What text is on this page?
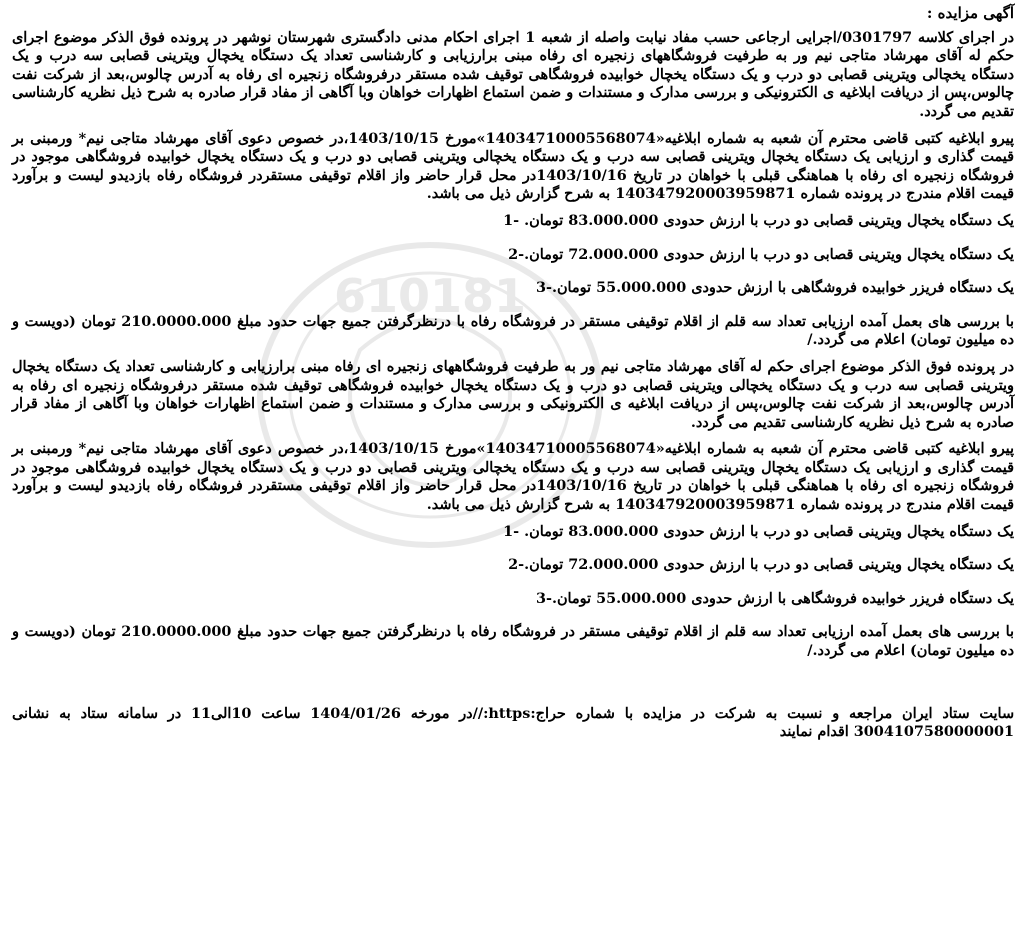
610181

آگهی مزایده :

در اجرای کلاسه 0301797/اجرایی ارجاعی حسب مفاد نیابت واصله از شعبه 1 اجرای احکام مدنی دادگستری شهرستان نوشهر در پرونده فوق الذکر موضوع اجرای حکم له آقای مهرشاد متاجی نیم ور به طرفیت فروشگاههای زنجیره ای رفاه مبنی برارزیابی و کارشناسی تعداد یک دستگاه یخچال ویترینی قصابی سه درب و یک دستگاه یخچالی ویترینی قصابی دو درب و یک دستگاه یخچال خوابیده فروشگاهی توقیف شده مستقر درفروشگاه زنجیره ای رفاه به آدرس چالوس،بعد از شرکت نفت چالوس،پس از دریافت ابلاغیه ی الکترونیکی و بررسی مدارک و مستندات و ضمن استماع اظهارات خواهان وبا آگاهی از مفاد قرار صادره به شرح ذیل نظریه کارشناسی تقدیم می گردد.

پیرو ابلاغیه کتبی قاضی محترم آن شعبه به شماره ابلاغیه«14034710005568074»مورخ 1403/10/15،در خصوص دعوی آقای مهرشاد متاجی نیم* ورمبنی بر قیمت گذاری و ارزیابی یک دستگاه یخچال ویترینی قصابی سه درب و یک دستگاه یخچالی ویترینی قصابی دو درب و یک دستگاه یخچال خوابیده فروشگاهی موجود در فروشگاه زنجیره ای رفاه با هماهنگی قبلی با خواهان در تاریخ 1403/10/16در محل قرار حاضر واز اقلام توقیفی مستقردر فروشگاه رفاه بازدیدو لیست و برآورد قیمت اقلام مندرج در پرونده شماره 140347920003959871 به شرح گزارش ذیل می باشد.

یک دستگاه یخچال ویترینی قصابی دو درب با ارزش حدودی 83.000.000 تومان. -1

یک دستگاه یخچال ویترینی قصابی دو درب با ارزش حدودی 72.000.000 تومان.-2

یک دستگاه فریزر خوابیده فروشگاهی با ارزش حدودی 55.000.000 تومان.-3

با بررسی های بعمل آمده ارزیابی تعداد سه قلم از اقلام توقیفی مستقر در فروشگاه رفاه با درنظرگرفتن جمیع جهات حدود مبلغ 210.0000.000 تومان (دویست و ده میلیون تومان) اعلام می گردد./

در پرونده فوق الذکر موضوع اجرای حکم له آقای مهرشاد متاجی نیم ور به طرفیت فروشگاههای زنجیره ای رفاه مبنی برارزیابی و کارشناسی تعداد یک دستگاه یخچال ویترینی قصابی سه درب و یک دستگاه یخچالی ویترینی قصابی دو درب و یک دستگاه یخچال خوابیده فروشگاهی توقیف شده مستقر درفروشگاه زنجیره ای رفاه به آدرس چالوس،بعد از شرکت نفت چالوس،پس از دریافت ابلاغیه ی الکترونیکی و بررسی مدارک و مستندات و ضمن استماع اظهارات خواهان وبا آگاهی از مفاد قرار صادره به شرح ذیل نظریه کارشناسی تقدیم می گردد.

پیرو ابلاغیه کتبی قاضی محترم آن شعبه به شماره ابلاغیه«14034710005568074»مورخ 1403/10/15،در خصوص دعوی آقای مهرشاد متاجی نیم* ورمبنی بر قیمت گذاری و ارزیابی یک دستگاه یخچال ویترینی قصابی سه درب و یک دستگاه یخچالی ویترینی قصابی دو درب و یک دستگاه یخچال خوابیده فروشگاهی موجود در فروشگاه زنجیره ای رفاه با هماهنگی قبلی با خواهان در تاریخ 1403/10/16در محل قرار حاضر واز اقلام توقیفی مستقردر فروشگاه رفاه بازدیدو لیست و برآورد قیمت اقلام مندرج در پرونده شماره 140347920003959871 به شرح گزارش ذیل می باشد.

یک دستگاه یخچال ویترینی قصابی دو درب با ارزش حدودی 83.000.000 تومان. -1

یک دستگاه یخچال ویترینی قصابی دو درب با ارزش حدودی 72.000.000 تومان.-2

یک دستگاه فریزر خوابیده فروشگاهی با ارزش حدودی 55.000.000 تومان.-3

با بررسی های بعمل آمده ارزیابی تعداد سه قلم از اقلام توقیفی مستقر در فروشگاه رفاه با درنظرگرفتن جمیع جهات حدود مبلغ 210.0000.000 تومان (دویست و ده میلیون تومان) اعلام می گردد./

سایت ستاد ایران مراجعه و نسبت به شرکت در مزایده با شماره حراج:https://در مورخه 1404/01/26 ساعت 10الی11 در سامانه ستاد به نشانی 3004107580000001 اقدام نمایند
